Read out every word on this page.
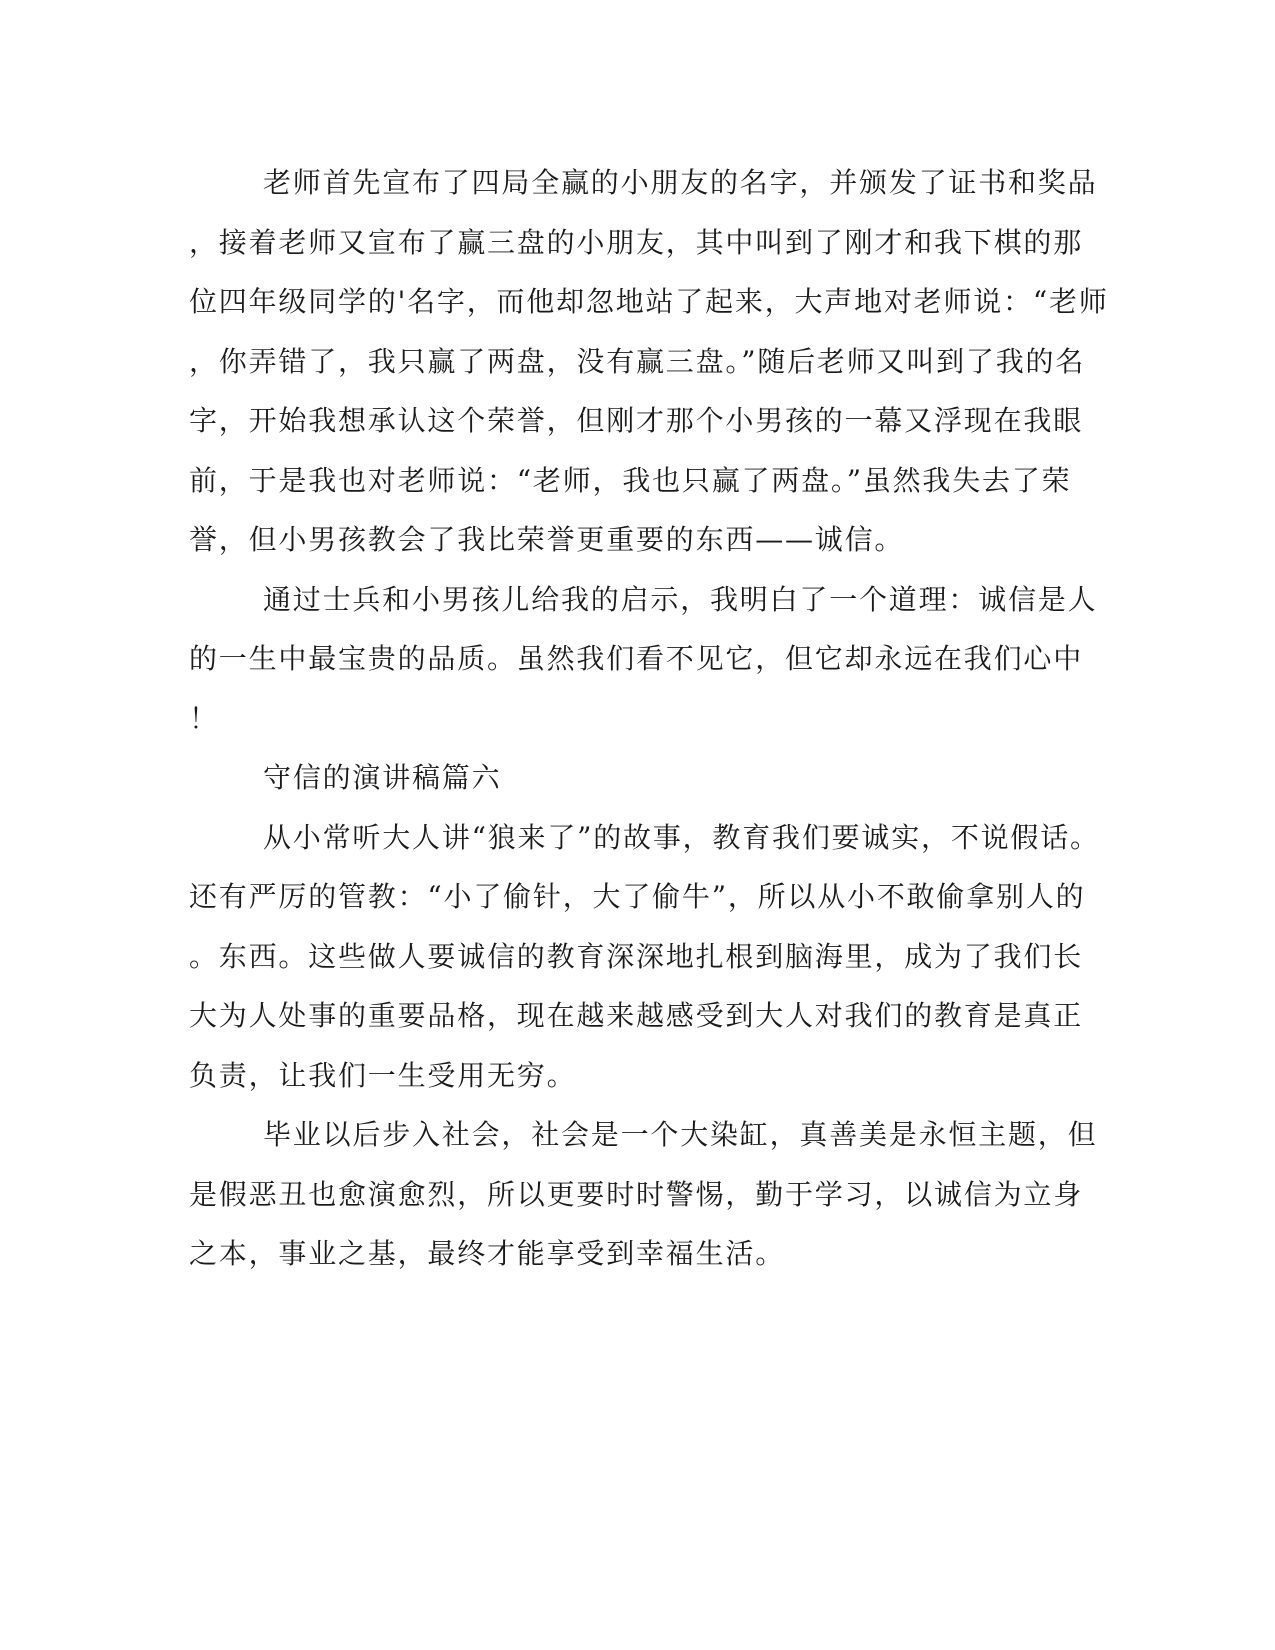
老师首先宣布了四局全赢的小朋友的名字，并颁发了证书和奖品
，接着老师又宣布了赢三盘的小朋友，其中叫到了刚才和我下棋的那
位四年级同学的'名字，而他却忽地站了起来，大声地对老师说：“老师
，你弄错了，我只赢了两盘，没有赢三盘。”随后老师又叫到了我的名
字，开始我想承认这个荣誉，但刚才那个小男孩的一幕又浮现在我眼
前，于是我也对老师说：“老师，我也只赢了两盘。”虽然我失去了荣
誉，但小男孩教会了我比荣誉更重要的东西——诚信。
通过士兵和小男孩儿给我的启示，我明白了一个道理：诚信是人
的一生中最宝贵的品质。虽然我们看不见它，但它却永远在我们心中
！
守信的演讲稿篇六
从小常听大人讲“狼来了”的故事，教育我们要诚实，不说假话。
还有严厉的管教：“小了偷针，大了偷牛”，所以从小不敢偷拿别人的
。东西。这些做人要诚信的教育深深地扎根到脑海里，成为了我们长
大为人处事的重要品格，现在越来越感受到大人对我们的教育是真正
负责，让我们一生受用无穷。
毕业以后步入社会，社会是一个大染缸，真善美是永恒主题，但
是假恶丑也愈演愈烈，所以更要时时警惕，勤于学习，以诚信为立身
之本，事业之基，最终才能享受到幸福生活。
